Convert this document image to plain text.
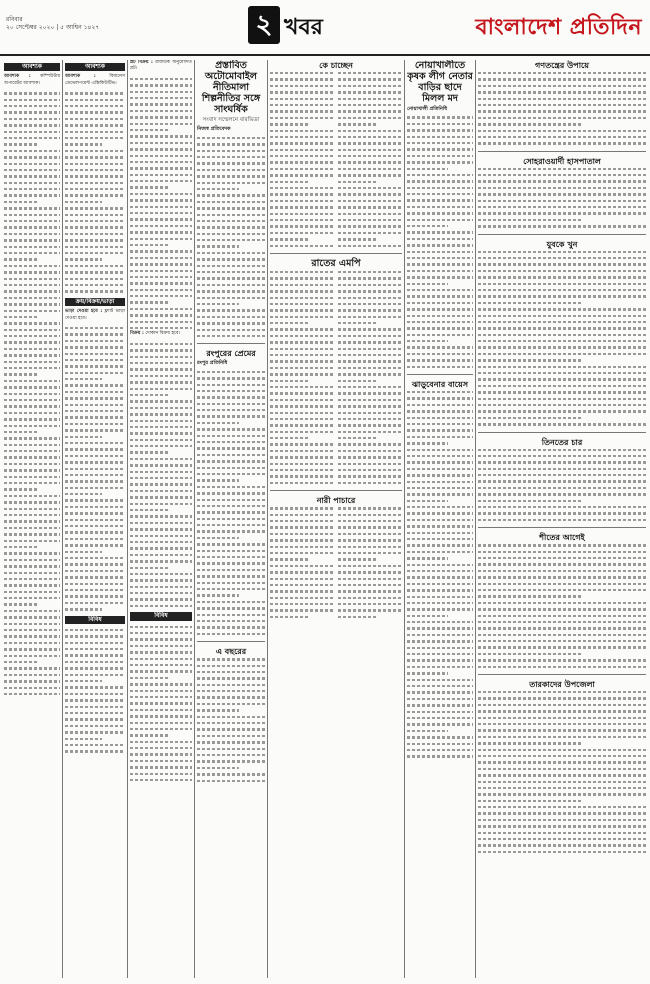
রবিবার
২০ সেপ্টেম্বর ২০২০ | ৫ আশ্বিন ১৪২৭	২ খবর	বাংলাদেশ প্রতিদিন
আবশ্যক
আবশ্যক : কম্পিউটার অপারেটর আবশ্যক।
আবশ্যক
আবশ্যক :	বিজনেস ডেভেলপমেন্ট এক্সিকিউটিভ।
ক্রয়/বিক্রয়/ভাড়া
ভাড়া দেওয়া হবে : ফ্ল্যাট ভাড়া দেওয়া হবে।
বিবিধ
প্লট বিক্রয় : রাজউক অনুমোদিত প্লট।
বিক্রয় : দোকান বিক্রয় হবে।
বিবিধ
প্রস্তাবিত অটোমোবাইল নীতিমালা শিল্পনীতির সঙ্গে সাংঘর্ষিক
সংবাদ সম্মেলনে বারভিডা
নিজস্ব প্রতিবেদক
রংপুরের প্রেমের
রংপুর প্রতিনিধি
এ বছরের
কে চাচ্ছেন
রাতের এমপি
নারী পাচারে
নোয়াখালীতে কৃষক লীগ নেতার বাড়ির ছাদে মিলল মদ
নোয়াখালী প্রতিনিধি
ঝাড়ুবেনার বায়েস
গণতন্ত্রের উপায়ে
সোহরাওয়ার্দী হাসপাতাল
যুবকে খুন
তিনতের চার
শীতের আগেই
তারকাদের উপজেলা
